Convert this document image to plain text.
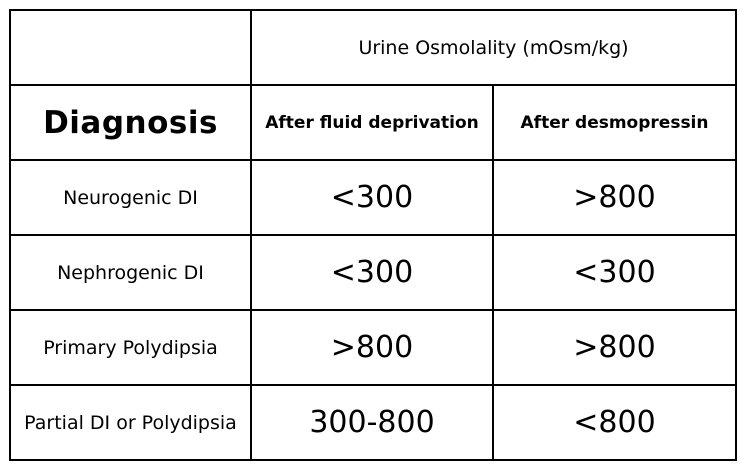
	Urine Osmolality (mOsm/kg)	
Diagnosis	After fluid deprivation	After desmopressin
Neurogenic DI	<300	>800
Nephrogenic DI	<300	<300
Primary Polydipsia	>800	>800
Partial DI or Polydipsia	300-800	<800
